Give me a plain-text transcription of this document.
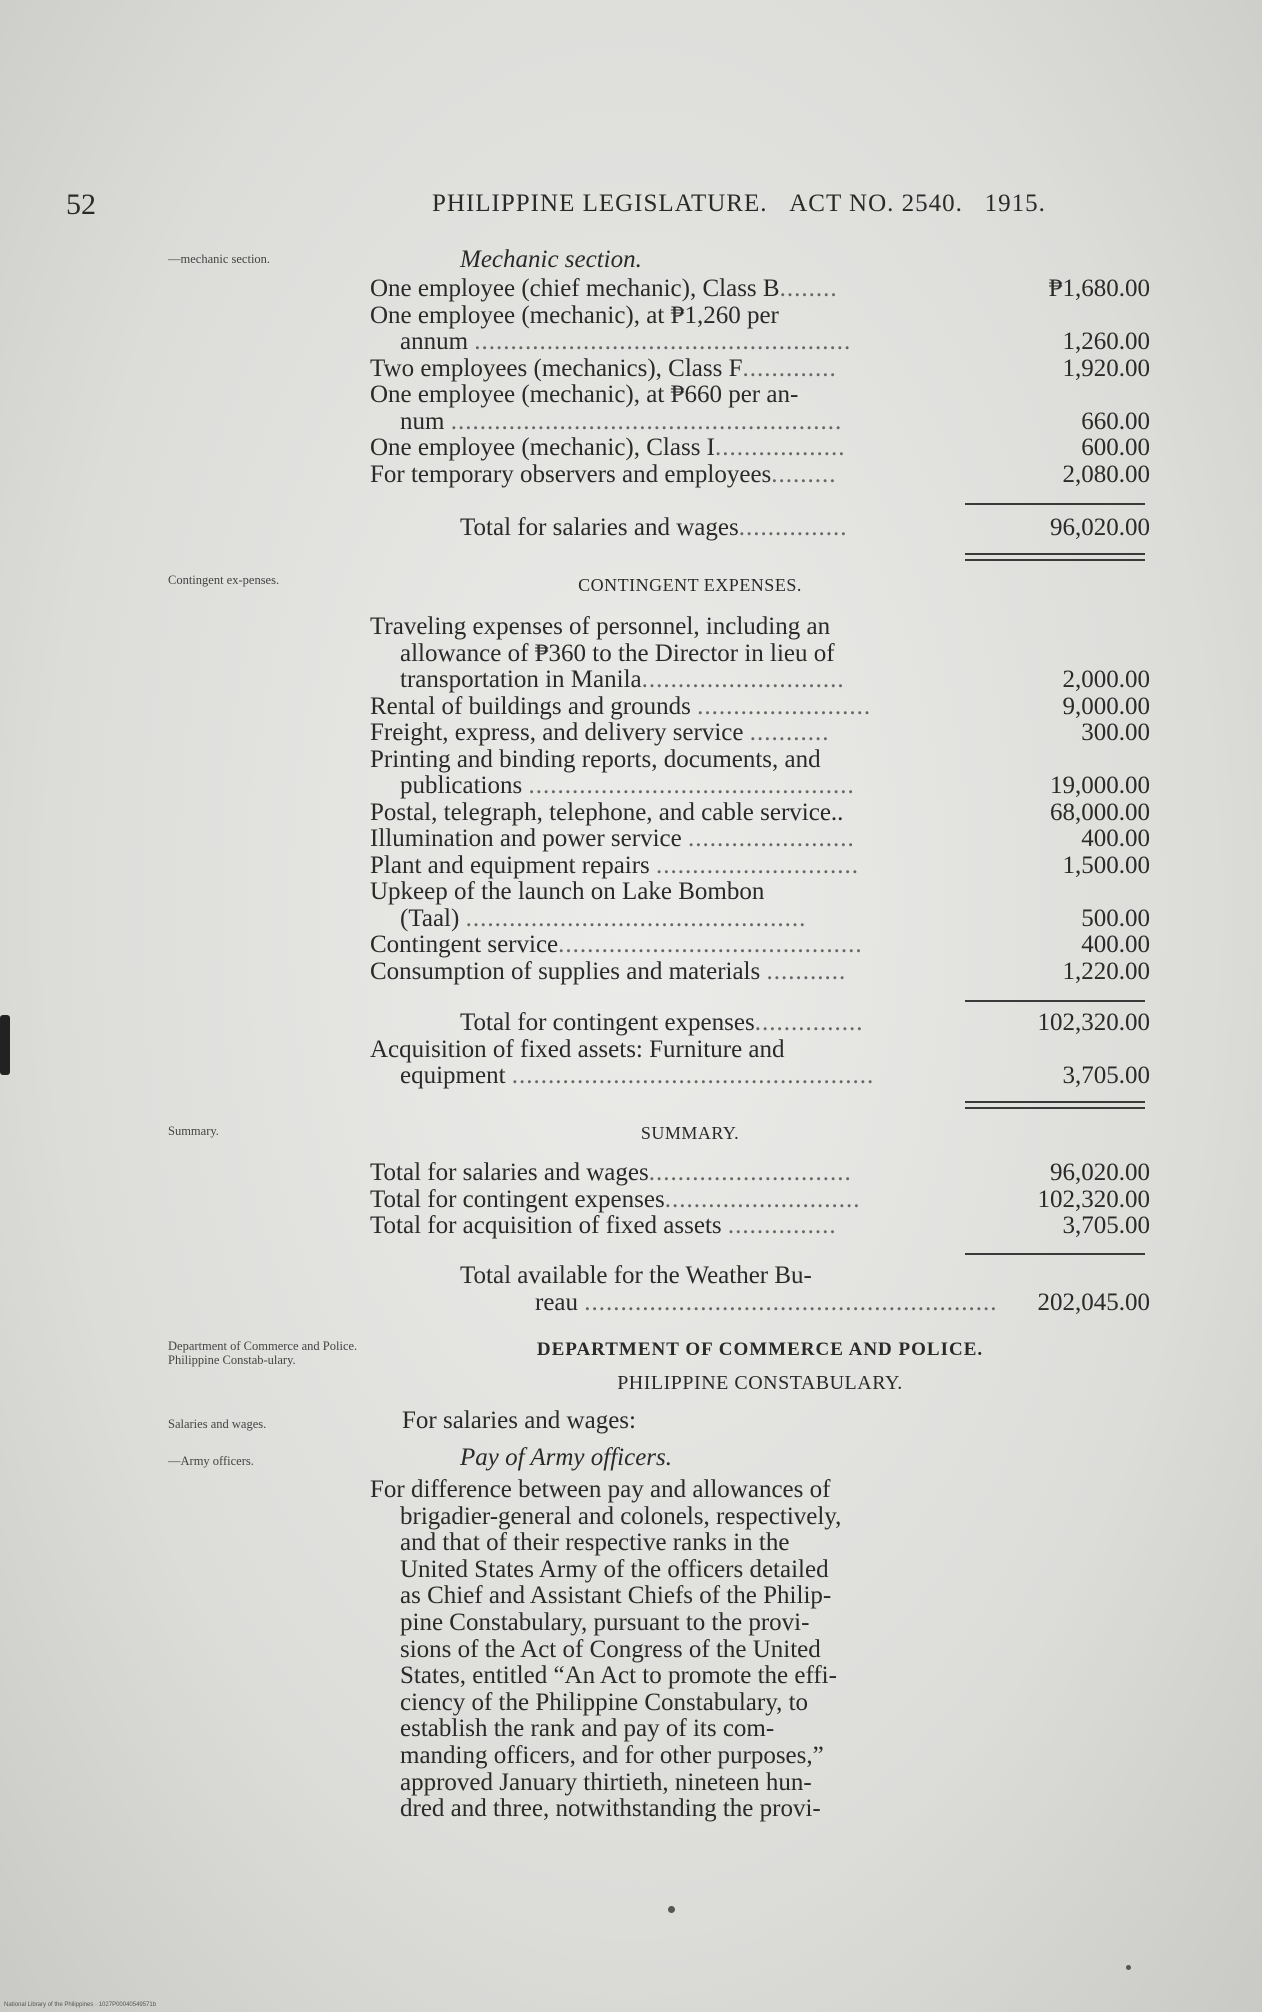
52	PHILIPPINE LEGISLATURE. ACT NO. 2540. 1915.
—mechanic section.
Contingent ex-penses.
Summary.
Department of Commerce and Police. Philippine Constab-ulary.
Salaries and wages.
—Army officers.
Mechanic section.
One employee (chief mechanic), Class B........	₱1,680.00
One employee (mechanic), at ₱1,260 per
annum ....................................................	1,260.00
Two employees (mechanics), Class F.............	1,920.00
One employee (mechanic), at ₱660 per an-
num ......................................................	660.00
One employee (mechanic), Class I..................	600.00
For temporary observers and employees.........	2,080.00
Total for salaries and wages...............	96,020.00
CONTINGENT EXPENSES.
Traveling expenses of personnel, including an
allowance of ₱360 to the Director in lieu of
transportation in Manila............................	2,000.00
Rental of buildings and grounds ........................	9,000.00
Freight, express, and delivery service ...........	300.00
Printing and binding reports, documents, and
publications .............................................	19,000.00
Postal, telegraph, telephone, and cable service..	68,000.00
Illumination and power service .......................	400.00
Plant and equipment repairs ............................	1,500.00
Upkeep of the launch on Lake Bombon
(Taal) ...............................................	500.00
Contingent service..........................................	400.00
Consumption of supplies and materials ...........	1,220.00
Total for contingent expenses...............	102,320.00
Acquisition of fixed assets: Furniture and
equipment ..................................................	3,705.00
SUMMARY.
Total for salaries and wages............................	96,020.00
Total for contingent expenses...........................	102,320.00
Total for acquisition of fixed assets ...............	3,705.00
Total available for the Weather Bu-
reau .........................................................	202,045.00
DEPARTMENT OF COMMERCE AND POLICE.
PHILIPPINE CONSTABULARY.
For salaries and wages:
Pay of Army officers.
For difference between pay and allowances of
brigadier-general and colonels, respectively,
and that of their respective ranks in the
United States Army of the officers detailed
as Chief and Assistant Chiefs of the Philip-
pine Constabulary, pursuant to the provi-
sions of the Act of Congress of the United
States, entitled “An Act to promote the effi-
ciency of the Philippine Constabulary, to
establish the rank and pay of its com-
manding officers, and for other purposes,”
approved January thirtieth, nineteen hun-
dred and three, notwithstanding the provi-
National Library of the Philippines · 1027P00040549571b
